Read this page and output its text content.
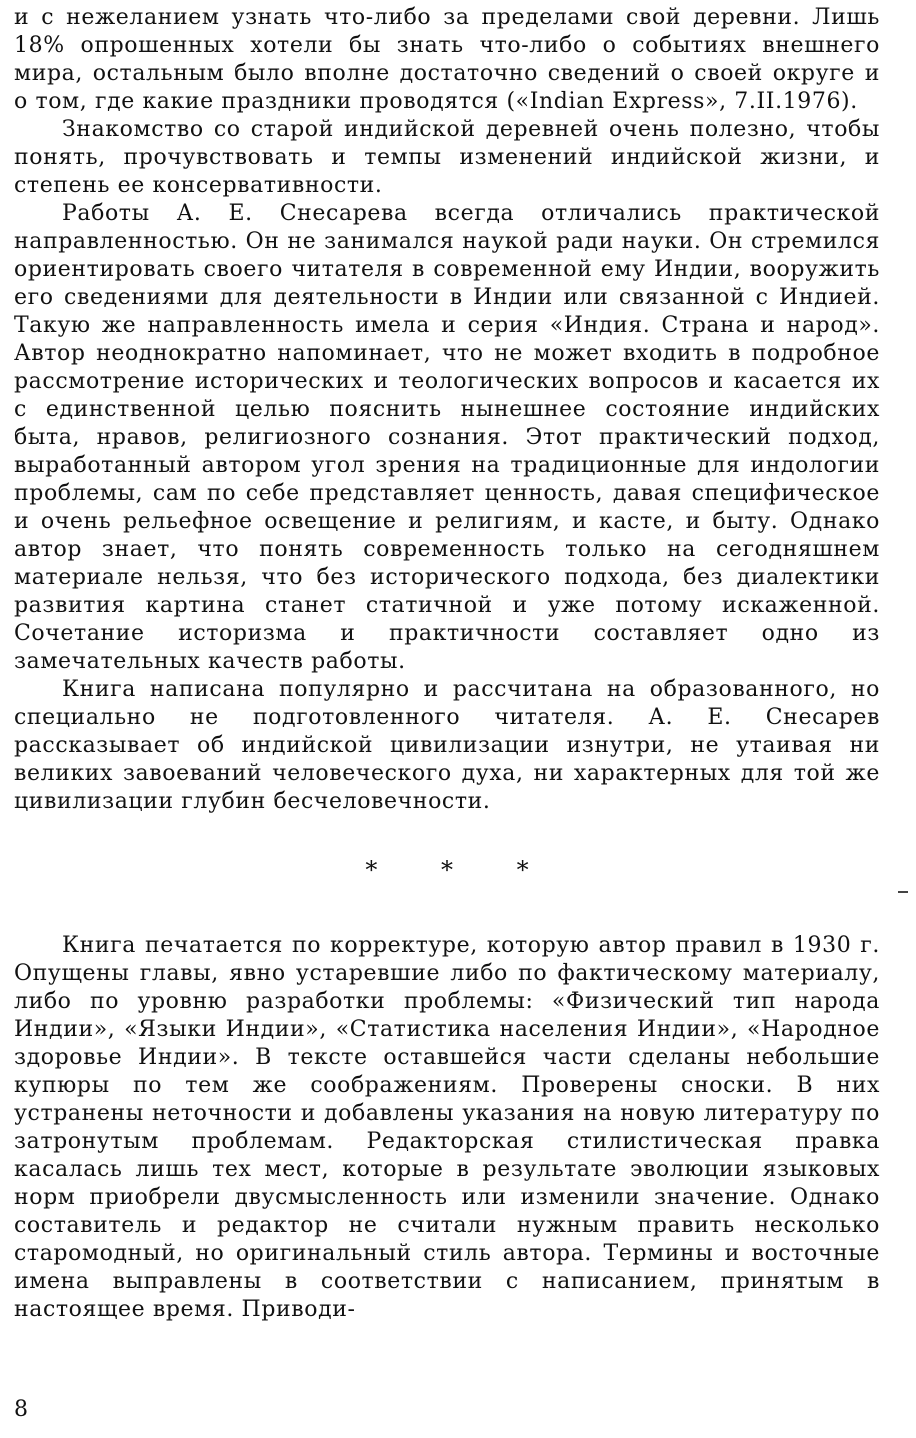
и с нежеланием узнать что-либо за пределами свой деревни. Лишь 18% опрошенных хотели бы знать что-либо о событиях внешнего мира, остальным было вполне достаточно сведений о своей округе и о том, где какие праздники проводятся («Indian Express», 7.II.1976).

Знакомство со старой индийской деревней очень полезно, чтобы понять, прочувствовать и темпы изменений индийской жизни, и степень ее консервативности.

Работы А. Е. Снесарева всегда отличались практической направленностью. Он не занимался наукой ради науки. Он стремился ориентировать своего читателя в современной ему Индии, вооружить его сведениями для деятельности в Индии или связанной с Индией. Такую же направленность имела и серия «Индия. Страна и народ». Автор неоднократно напоминает, что не может входить в подробное рассмотрение исторических и теологических вопросов и касается их с единственной целью пояснить нынешнее состояние индийских быта, нравов, религиозного сознания. Этот практический подход, выработанный автором угол зрения на традиционные для индологии проблемы, сам по себе представляет ценность, давая специфическое и очень рельефное освещение и религиям, и касте, и быту. Однако автор знает, что понять современность только на сегодняшнем материале нельзя, что без исторического подхода, без диалектики развития картина станет статичной и уже потому искаженной. Сочетание историзма и практичности составляет одно из замечательных качеств работы.

Книга написана популярно и рассчитана на образованного, но специально не подготовленного читателя. А. Е. Снесарев рассказывает об индийской цивилизации изнутри, не утаивая ни великих завоеваний человеческого духа, ни характерных для той же цивилизации глубин бесчеловечности.

* * *

Книга печатается по корректуре, которую автор правил в 1930 г. Опущены главы, явно устаревшие либо по фактическому материалу, либо по уровню разработки проблемы: «Физический тип народа Индии», «Языки Индии», «Статистика населения Индии», «Народное здоровье Индии». В тексте оставшейся части сделаны небольшие купюры по тем же соображениям. Проверены сноски. В них устранены неточности и добавлены указания на новую литературу по затронутым проблемам. Редакторская стилистическая правка касалась лишь тех мест, которые в результате эволюции языковых норм приобрели двусмысленность или изменили значение. Однако составитель и редактор не считали нужным править несколько старомодный, но оригинальный стиль автора. Термины и восточные имена выправлены в соответствии с написанием, принятым в настоящее время. Приводи-

8
